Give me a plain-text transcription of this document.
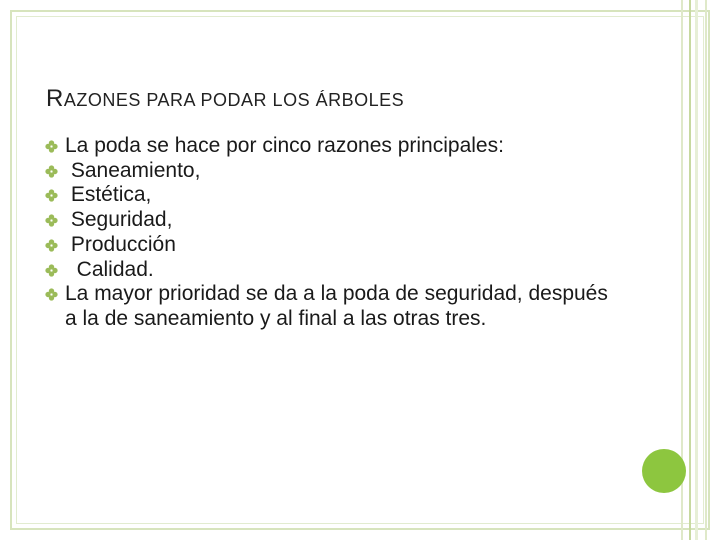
RAZONES PARA PODAR LOS ÁRBOLES
La poda se hace por cinco razones principales:
Saneamiento,
Estética,
Seguridad,
Producción
Calidad.
La mayor prioridad se da a la poda de seguridad, después a la de saneamiento y al final a las otras tres.
